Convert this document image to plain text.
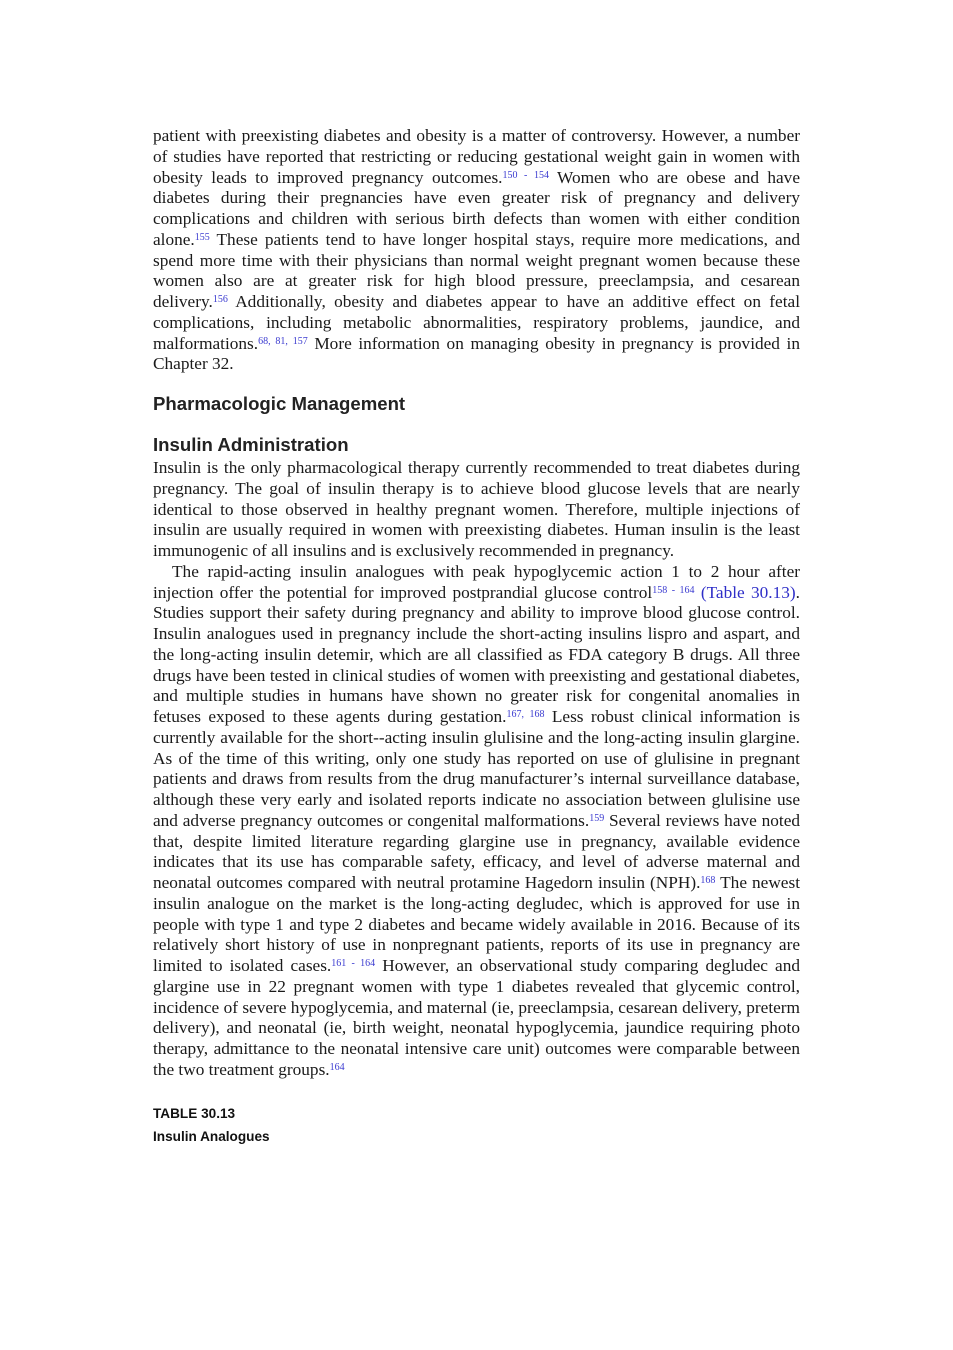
patient with preexisting diabetes and obesity is a matter of controversy. However, a number of studies have reported that restricting or reducing gestational weight gain in women with obesity leads to improved pregnancy outcomes.$^{150 - 154}$ Women who are obese and have diabetes during their pregnancies have even greater risk of pregnancy and delivery complications and children with serious birth defects than women with either condition alone.$^{155}$ These patients tend to have longer hospital stays, require more medications, and spend more time with their physicians than normal weight pregnant women because these women also are at greater risk for high blood pressure, preeclampsia, and cesarean delivery.$^{156}$ Additionally, obesity and diabetes appear to have an additive effect on fetal complications, including metabolic abnormalities, respiratory problems, jaundice, and malformations.$^{68, 81, 157}$ More information on managing obesity in pregnancy is provided in Chapter 32.

Pharmacologic Management
Insulin Administration

Insulin is the only pharmacological therapy currently recommended to treat diabetes during pregnancy. The goal of insulin therapy is to achieve blood glucose levels that are nearly identical to those observed in healthy pregnant women. Therefore, multiple injections of insulin are usually required in women with preexisting diabetes. Human insulin is the least immunogenic of all insulins and is exclusively recommended in pregnancy.

The rapid-acting insulin analogues with peak hypoglycemic action 1 to 2 hour after injection offer the potential for improved postprandial glucose control$^{158 - 164}$ (Table 30.13). Studies support their safety during pregnancy and ability to improve blood glucose control. Insulin analogues used in pregnancy include the short-acting insulins lispro and aspart, and the long-acting insulin detemir, which are all classified as FDA category B drugs. All three drugs have been tested in clinical studies of women with preexisting and gestational diabetes, and multiple studies in humans have shown no greater risk for congenital anomalies in fetuses exposed to these agents during gestation.$^{167, 168}$ Less robust clinical information is currently available for the short--acting insulin glulisine and the long-acting insulin glargine. As of the time of this writing, only one study has reported on use of glulisine in pregnant patients and draws from results from the drug manufacturer’s internal surveillance database, although these very early and isolated reports indicate no association between glulisine use and adverse pregnancy outcomes or congenital malformations.$^{159}$ Several reviews have noted that, despite limited literature regarding glargine use in pregnancy, available evidence indicates that its use has comparable safety, efficacy, and level of adverse maternal and neonatal outcomes compared with neutral protamine Hagedorn insulin (NPH).$^{168}$ The newest insulin analogue on the market is the long-acting degludec, which is approved for use in people with type 1 and type 2 diabetes and became widely available in 2016. Because of its relatively short history of use in nonpregnant patients, reports of its use in pregnancy are limited to isolated cases.$^{161 - 164}$ However, an observational study comparing degludec and glargine use in 22 pregnant women with type 1 diabetes revealed that glycemic control, incidence of severe hypoglycemia, and maternal (ie, preeclampsia, cesarean delivery, preterm delivery), and neonatal (ie, birth weight, neonatal hypoglycemia, jaundice requiring photo therapy, admittance to the neonatal intensive care unit) outcomes were comparable between the two treatment groups.$^{164}$

TABLE 30.13

Insulin Analogues
